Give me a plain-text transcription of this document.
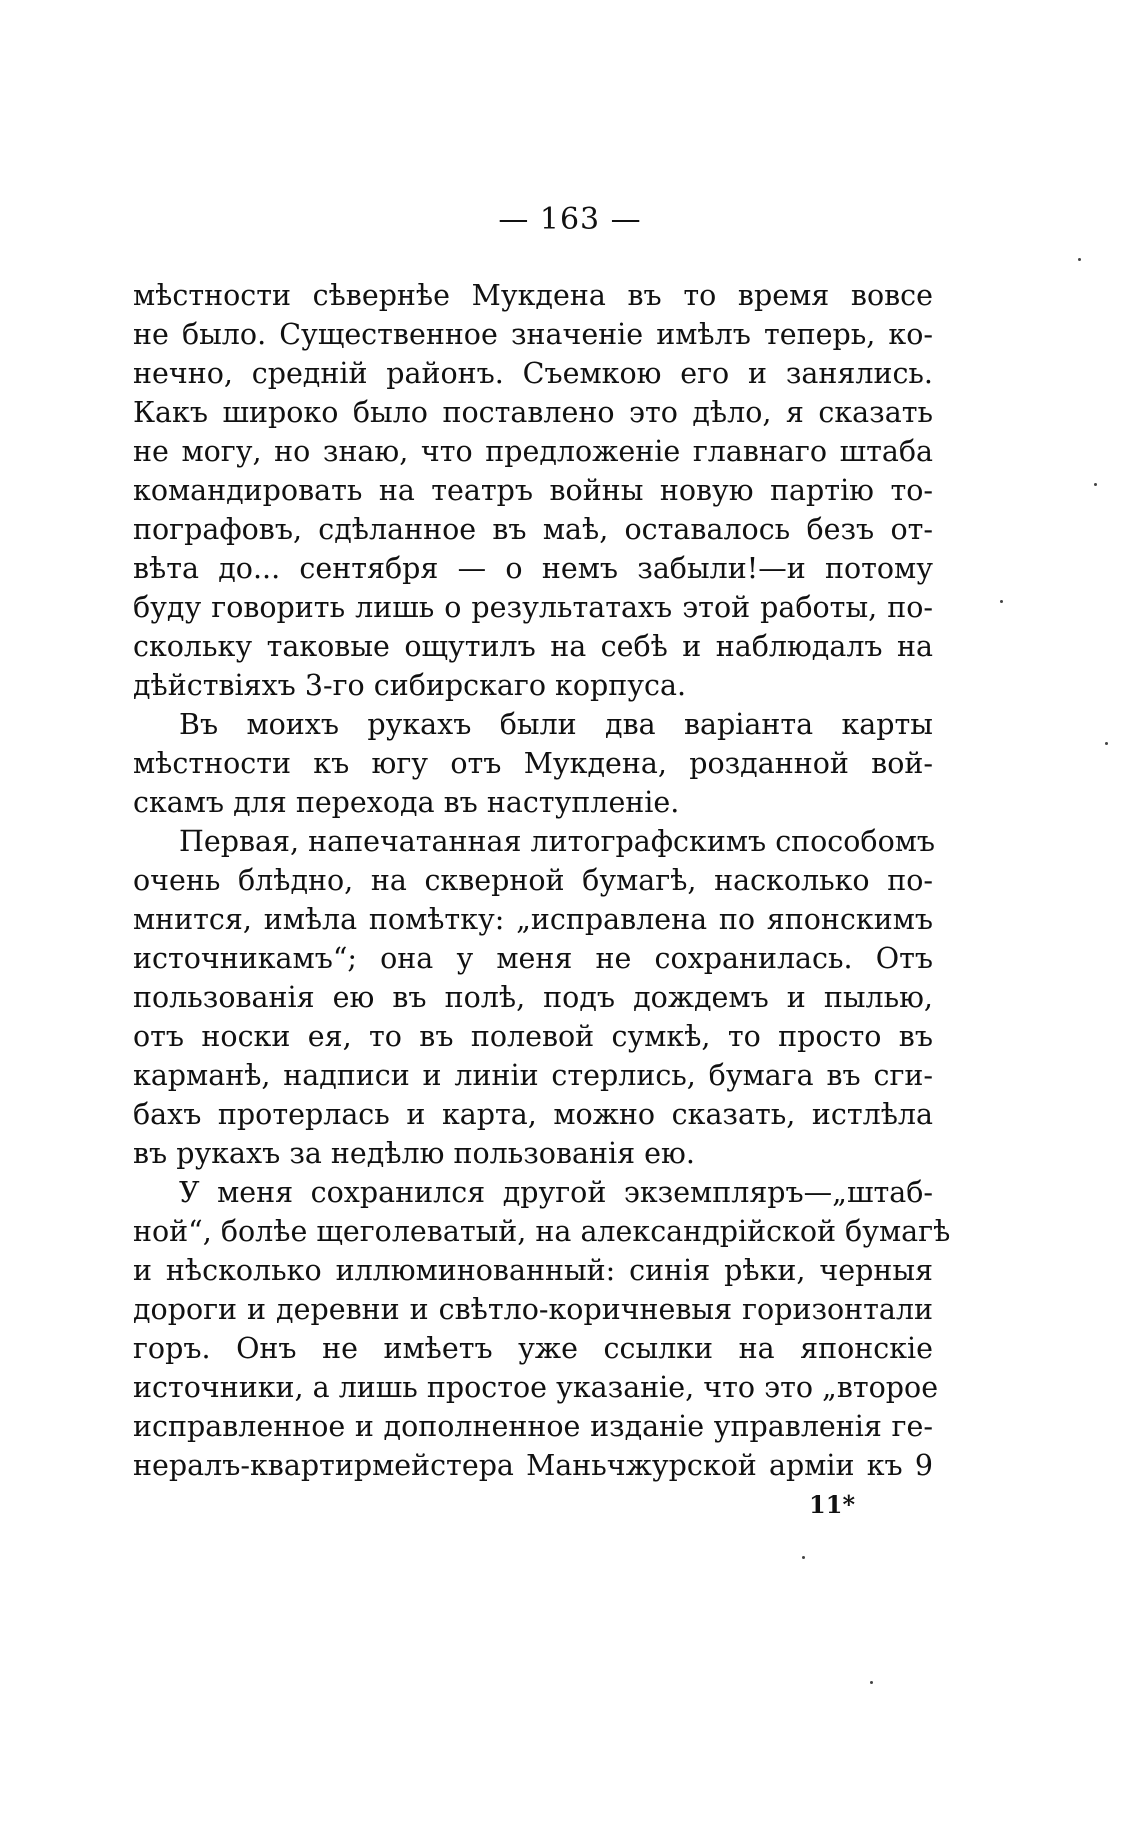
— 163 —
мѣстности сѣвернѣе Мукдена въ то время вовсе
не было. Существенное значеніе имѣлъ теперь, ко-
нечно, средній районъ. Съемкою его и занялись.
Какъ широко было поставлено это дѣло, я сказать
не могу, но знаю, что предложеніе главнаго штаба
командировать на театръ войны новую партію то-
пографовъ, сдѣланное въ маѣ, оставалось безъ от-
вѣта до... сентября — о немъ забыли!—и потому
буду говорить лишь о результатахъ этой работы, по-
скольку таковые ощутилъ на себѣ и наблюдалъ на
дѣйствіяхъ 3-го сибирскаго корпуса.
Въ моихъ рукахъ были два варіанта карты
мѣстности къ югу отъ Мукдена, розданной вой-
скамъ для перехода въ наступленіе.
Первая, напечатанная литографскимъ способомъ
очень блѣдно, на скверной бумагѣ, насколько по-
мнится, имѣла помѣтку: „исправлена по японскимъ
источникамъ“; она у меня не сохранилась. Отъ
пользованія ею въ полѣ, подъ дождемъ и пылью,
отъ носки ея, то въ полевой сумкѣ, то просто въ
карманѣ, надписи и линіи стерлись, бумага въ сги-
бахъ протерлась и карта, можно сказать, истлѣла
въ рукахъ за недѣлю пользованія ею.
У меня сохранился другой экземпляръ—„штаб-
ной“, болѣе щеголеватый, на александрійской бумагѣ
и нѣсколько иллюминованный: синія рѣки, черныя
дороги и деревни и свѣтло-коричневыя горизонтали
горъ. Онъ не имѣетъ уже ссылки на японскіе
источники, а лишь простое указаніе, что это „второе
исправленное и дополненное изданіе управленія ге-
нералъ-квартирмейстера Маньчжурской арміи къ 9
11*
